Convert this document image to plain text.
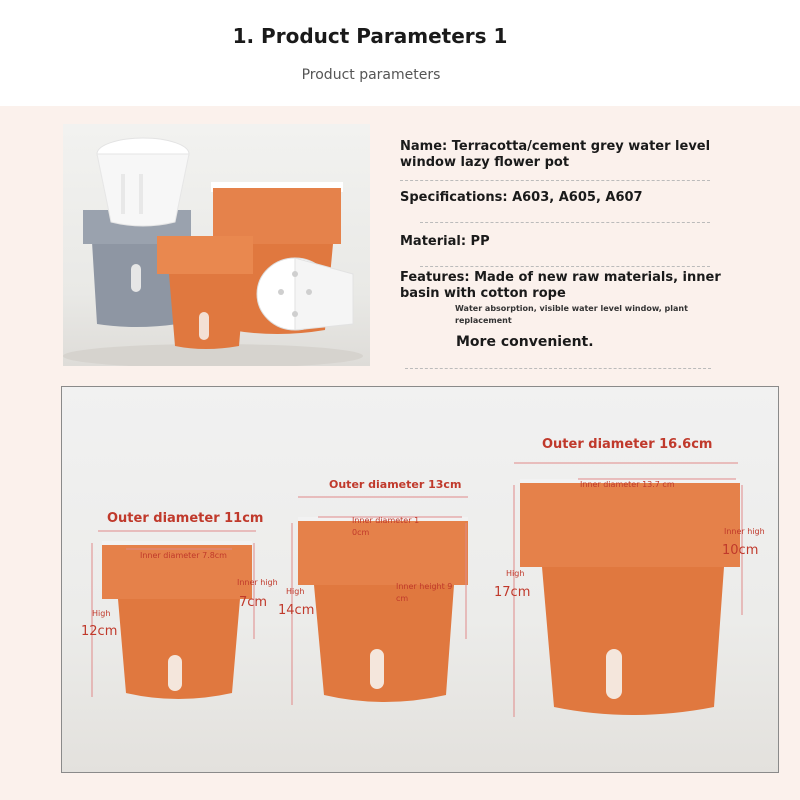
1. Product Parameters 1
Product parameters
Name: Terracotta/cement grey water level window lazy flower pot
Specifications: A603, A605, A607
Material: PP
Features: Made of new raw materials, inner basin with cotton rope
Water absorption, visible water level window, plant replacement
More convenient.
Outer diameter 11cm
Inner diameter 7.8cm
Inner high
7cm
High
12cm
Outer diameter 13cm
Inner diameter 1 0cm
Inner height 9 cm
High
14cm
Outer diameter 16.6cm
Inner diameter 13.7 cm
Inner high
10cm
High
17cm
